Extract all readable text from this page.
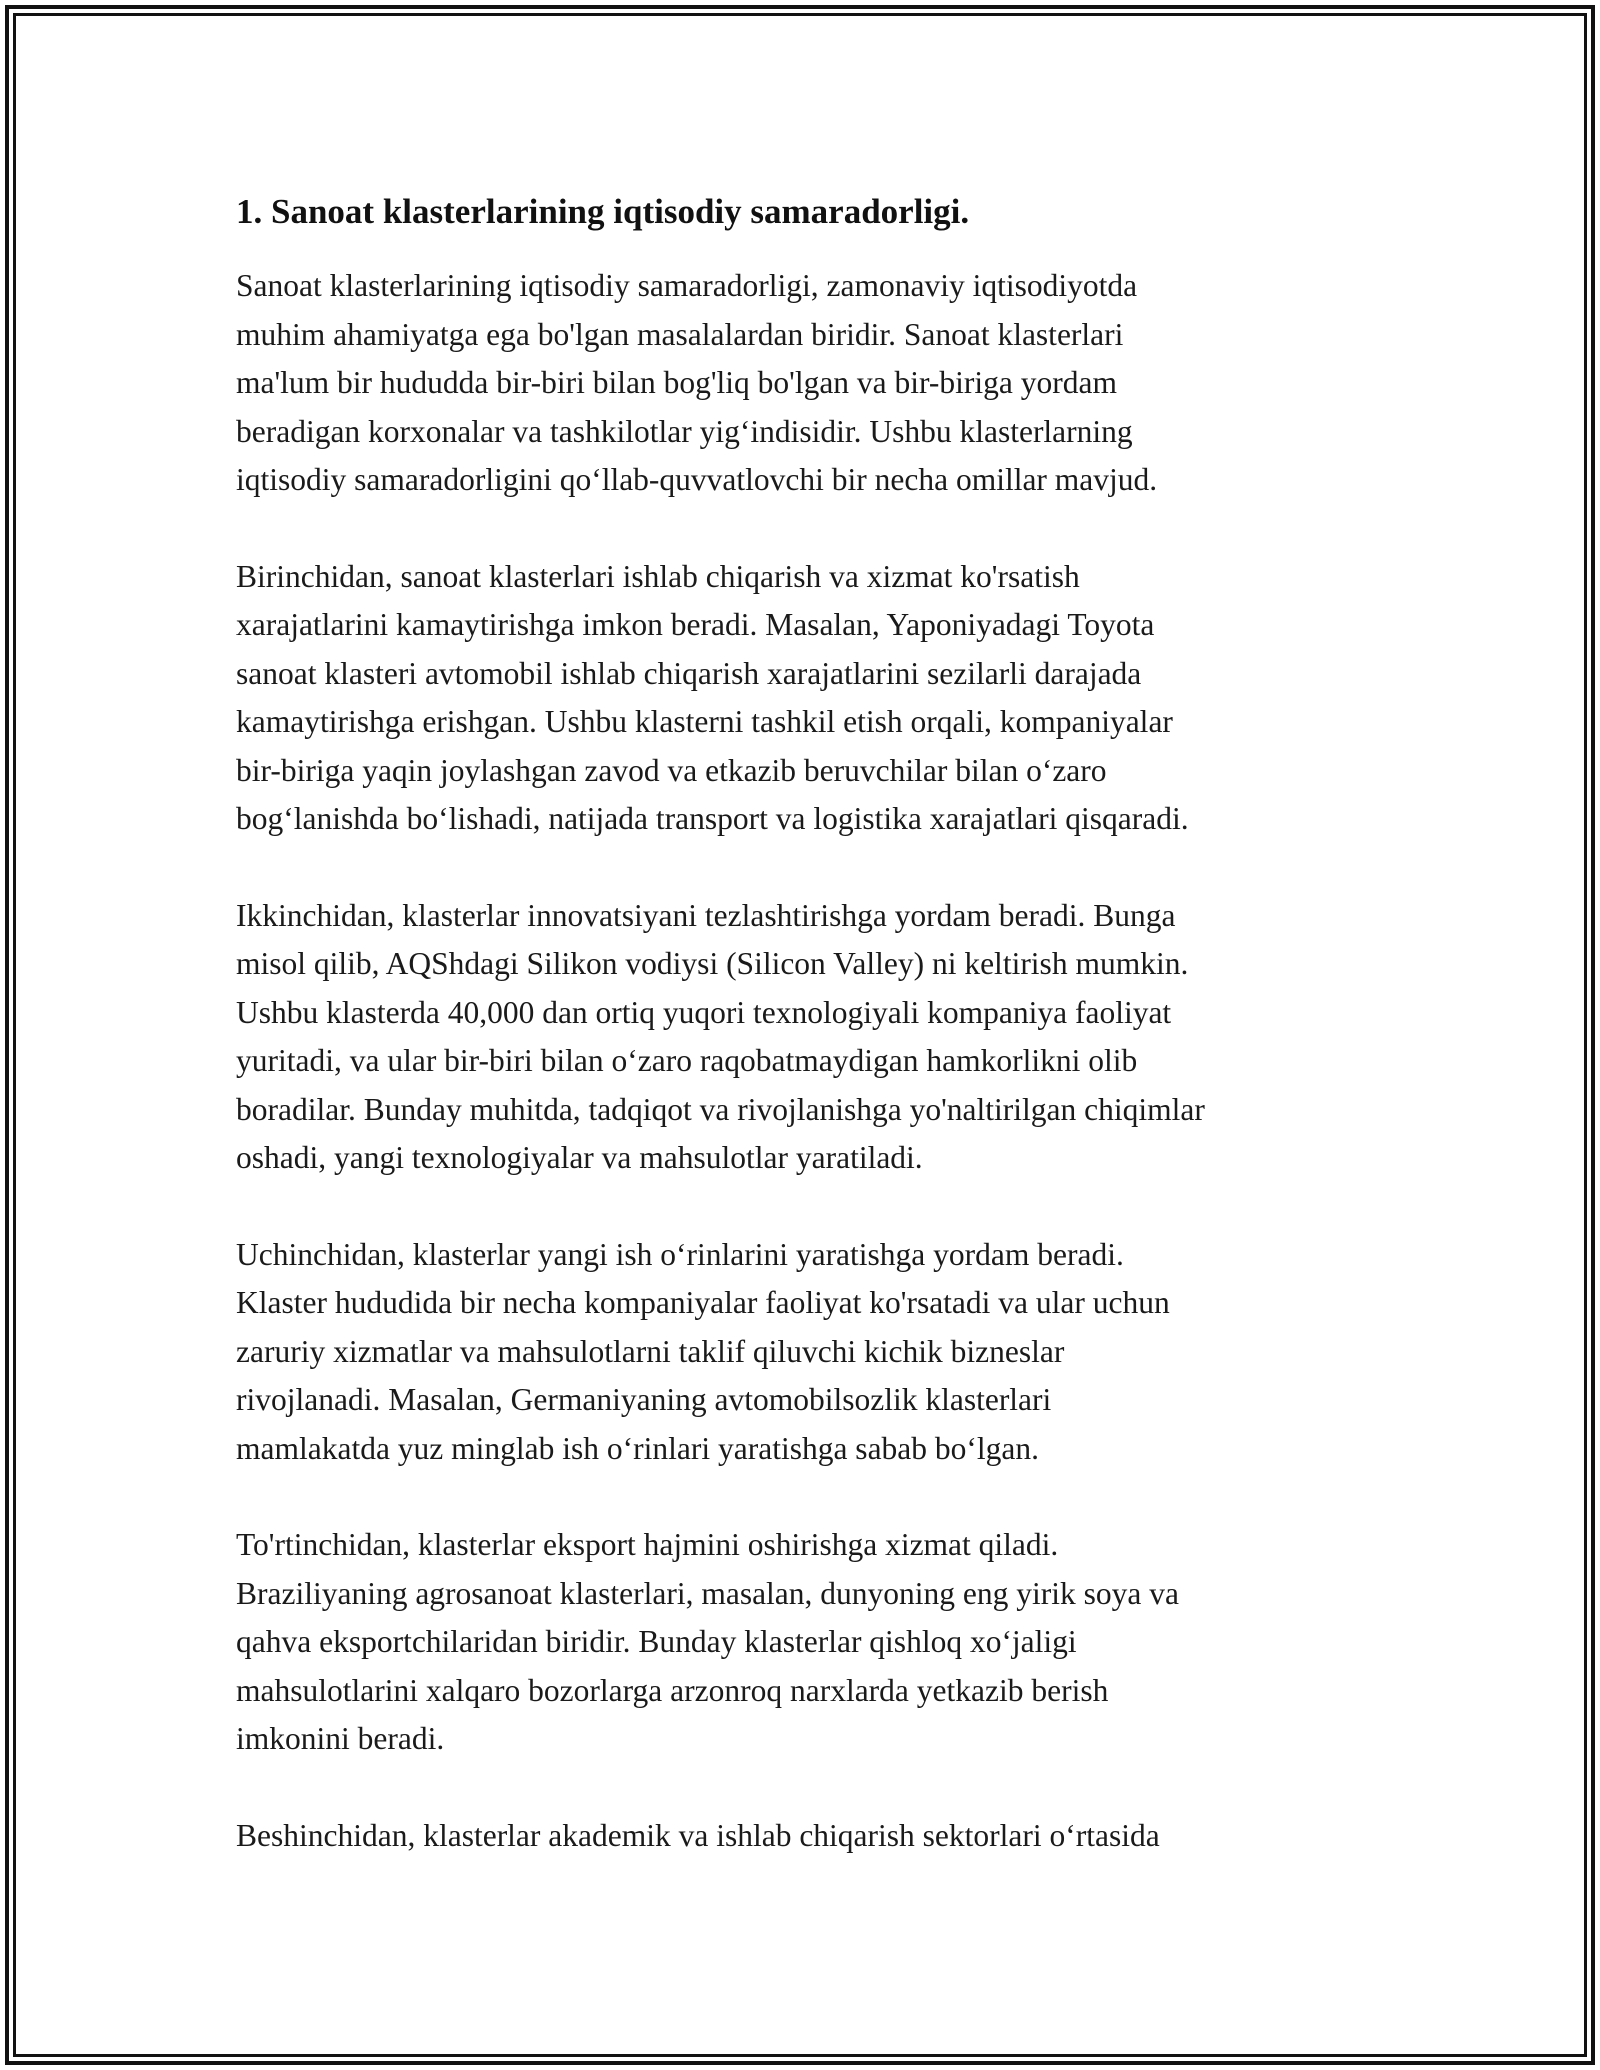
1. Sanoat klasterlarining iqtisodiy samaradorligi.

Sanoat klasterlarining iqtisodiy samaradorligi, zamonaviy iqtisodiyotda
muhim ahamiyatga ega bo'lgan masalalardan biridir. Sanoat klasterlari
ma'lum bir hududda bir-biri bilan bog'liq bo'lgan va bir-biriga yordam
beradigan korxonalar va tashkilotlar yig‘indisidir. Ushbu klasterlarning
iqtisodiy samaradorligini qo‘llab-quvvatlovchi bir necha omillar mavjud.

Birinchidan, sanoat klasterlari ishlab chiqarish va xizmat ko'rsatish
xarajatlarini kamaytirishga imkon beradi. Masalan, Yaponiyadagi Toyota
sanoat klasteri avtomobil ishlab chiqarish xarajatlarini sezilarli darajada
kamaytirishga erishgan. Ushbu klasterni tashkil etish orqali, kompaniyalar
bir-biriga yaqin joylashgan zavod va etkazib beruvchilar bilan o‘zaro
bog‘lanishda bo‘lishadi, natijada transport va logistika xarajatlari qisqaradi.

Ikkinchidan, klasterlar innovatsiyani tezlashtirishga yordam beradi. Bunga
misol qilib, AQShdagi Silikon vodiysi (Silicon Valley) ni keltirish mumkin.
Ushbu klasterda 40,000 dan ortiq yuqori texnologiyali kompaniya faoliyat
yuritadi, va ular bir-biri bilan o‘zaro raqobatmaydigan hamkorlikni olib
boradilar. Bunday muhitda, tadqiqot va rivojlanishga yo'naltirilgan chiqimlar
oshadi, yangi texnologiyalar va mahsulotlar yaratiladi.

Uchinchidan, klasterlar yangi ish o‘rinlarini yaratishga yordam beradi.
Klaster hududida bir necha kompaniyalar faoliyat ko'rsatadi va ular uchun
zaruriy xizmatlar va mahsulotlarni taklif qiluvchi kichik bizneslar
rivojlanadi. Masalan, Germaniyaning avtomobilsozlik klasterlari
mamlakatda yuz minglab ish o‘rinlari yaratishga sabab bo‘lgan.

To'rtinchidan, klasterlar eksport hajmini oshirishga xizmat qiladi.
Braziliyaning agrosanoat klasterlari, masalan, dunyoning eng yirik soya va
qahva eksportchilaridan biridir. Bunday klasterlar qishloq xo‘jaligi
mahsulotlarini xalqaro bozorlarga arzonroq narxlarda yetkazib berish
imkonini beradi.

Beshinchidan, klasterlar akademik va ishlab chiqarish sektorlari o‘rtasida
